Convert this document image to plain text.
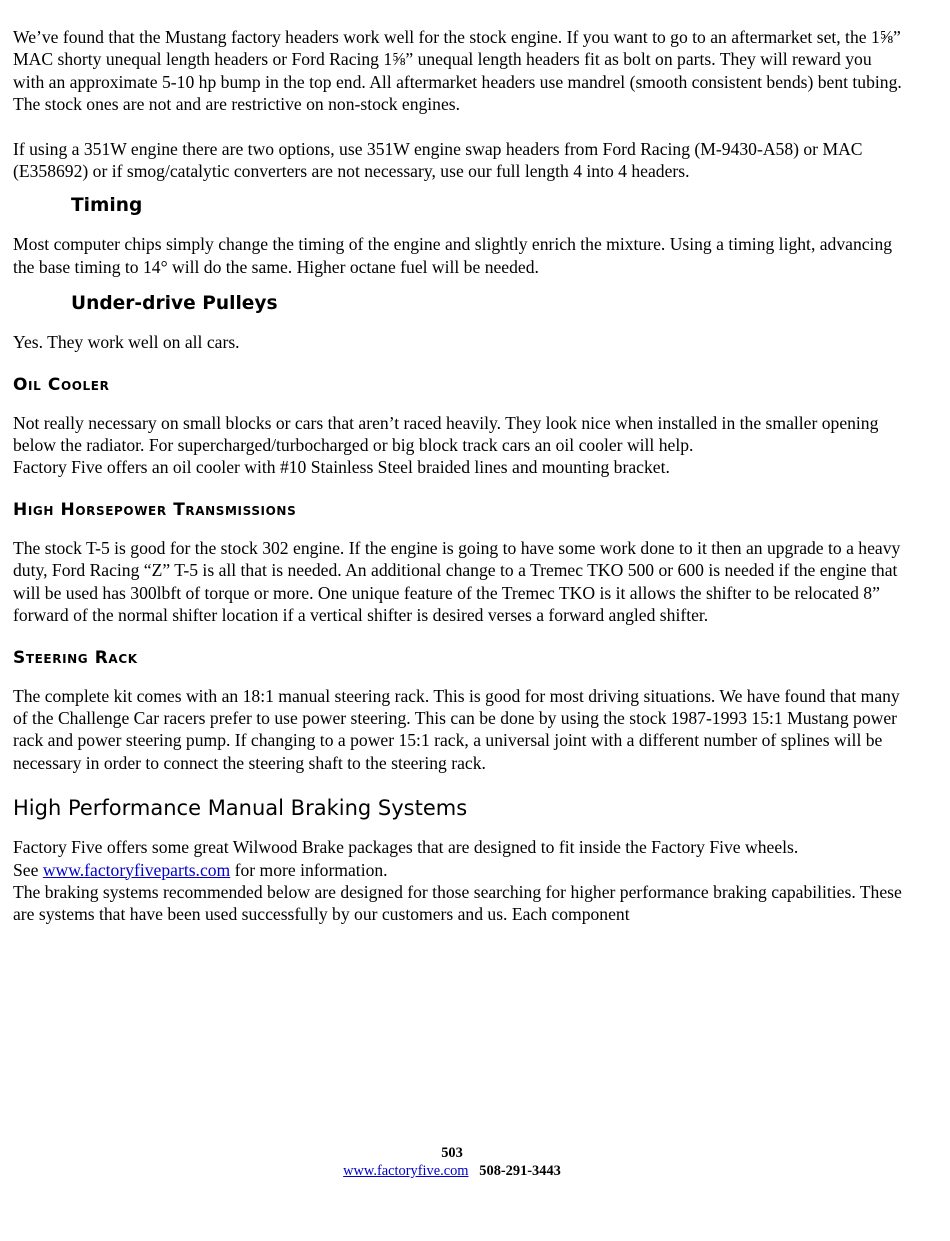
We’ve found that the Mustang factory headers work well for the stock engine. If you want to go to an aftermarket set, the 1⅝” MAC shorty unequal length headers or Ford Racing 1⅝” unequal length headers fit as bolt on parts. They will reward you with an approximate 5-10 hp bump in the top end. All aftermarket headers use mandrel (smooth consistent bends) bent tubing. The stock ones are not and are restrictive on non-stock engines.

If using a 351W engine there are two options, use 351W engine swap headers from Ford Racing (M-9430-A58) or MAC (E358692) or if smog/catalytic converters are not necessary, use our full length 4 into 4 headers.

Timing

Most computer chips simply change the timing of the engine and slightly enrich the mixture. Using a timing light, advancing the base timing to 14° will do the same. Higher octane fuel will be needed.

Under-drive Pulleys

Yes. They work well on all cars.

Oil Cooler

Not really necessary on small blocks or cars that aren’t raced heavily. They look nice when installed in the smaller opening below the radiator. For supercharged/turbocharged or big block track cars an oil cooler will help.

Factory Five offers an oil cooler with #10 Stainless Steel braided lines and mounting bracket.

High Horsepower Transmissions

The stock T-5 is good for the stock 302 engine. If the engine is going to have some work done to it then an upgrade to a heavy duty, Ford Racing “Z” T-5 is all that is needed. An additional change to a Tremec TKO 500 or 600 is needed if the engine that will be used has 300lbft of torque or more. One unique feature of the Tremec TKO is it allows the shifter to be relocated 8” forward of the normal shifter location if a vertical shifter is desired verses a forward angled shifter.

Steering Rack

The complete kit comes with an 18:1 manual steering rack. This is good for most driving situations. We have found that many of the Challenge Car racers prefer to use power steering. This can be done by using the stock 1987-1993 15:1 Mustang power rack and power steering pump. If changing to a power 15:1 rack, a universal joint with a different number of splines will be necessary in order to connect the steering shaft to the steering rack.

High Performance Manual Braking Systems

Factory Five offers some great Wilwood Brake packages that are designed to fit inside the Factory Five wheels.

See www.factoryfiveparts.com for more information.

The braking systems recommended below are designed for those searching for higher performance braking capabilities. These are systems that have been used successfully by our customers and us. Each component

503
www.factoryfive.com 508-291-3443
